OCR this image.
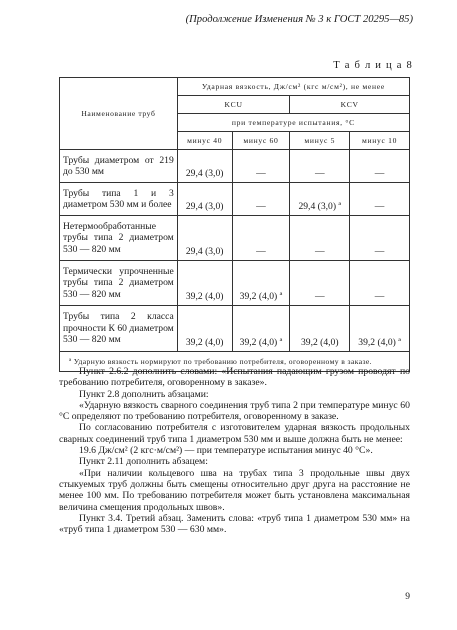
(Продолжение Изменения № 3 к ГОСТ 20295—85)
Т а б л и ц а 8
Наименование труб	Ударная вязкость, Дж/см² (кгс м/см²), не менее			
	KCU		KCV	
	при температуре испытания, °С			
	минус 40	минус 60	минус 5	минус 10
Трубы диаметром от 219 до 530 мм	29,4 (3,0)	—	—	—
Трубы типа 1 и 3 диаметром 530 мм и более	29,4 (3,0)	—	29,4 (3,0) ª	—
Нетермообработанные трубы типа 2 диаметром 530 — 820 мм	29,4 (3,0)	—	—	—
Термически упрочненные трубы типа 2 диаметром 530 — 820 мм	39,2 (4,0)	39,2 (4,0) ª	—	—
Трубы типа 2 класса прочности К 60 диаметром 530 — 820 мм	39,2 (4,0)	39,2 (4,0) ª	39,2 (4,0)	39,2 (4,0) ª
ª Ударную вязкость нормируют по требованию потребителя, оговоренному в заказе.				

Пункт 2.6.2 дополнить словами: «Испытания падающим грузом проводят по требованию потребителя, оговоренному в заказе».

Пункт 2.8 дополнить абзацами:

«Ударную вязкость сварного соединения труб типа 2 при температуре минус 60 °С определяют по требованию потребителя, оговоренному в заказе.

По согласованию потребителя с изготовителем ударная вязкость продольных сварных соединений труб типа 1 диаметром 530 мм и выше должна быть не менее:

19.6 Дж/см² (2 кгс·м/см²) — при температуре испытания минус 40 °С».

Пункт 2.11 дополнить абзацем:

«При наличии кольцевого шва на трубах типа 3 продольные швы двух стыкуемых труб должны быть смещены относительно друг друга на расстояние не менее 100 мм. По требованию потребителя может быть установлена максимальная величина смещения продольных швов».

Пункт 3.4. Третий абзац. Заменить слова: «труб типа 1 диаметром 530 мм» на «труб типа 1 диаметром 530 — 630 мм».

9
